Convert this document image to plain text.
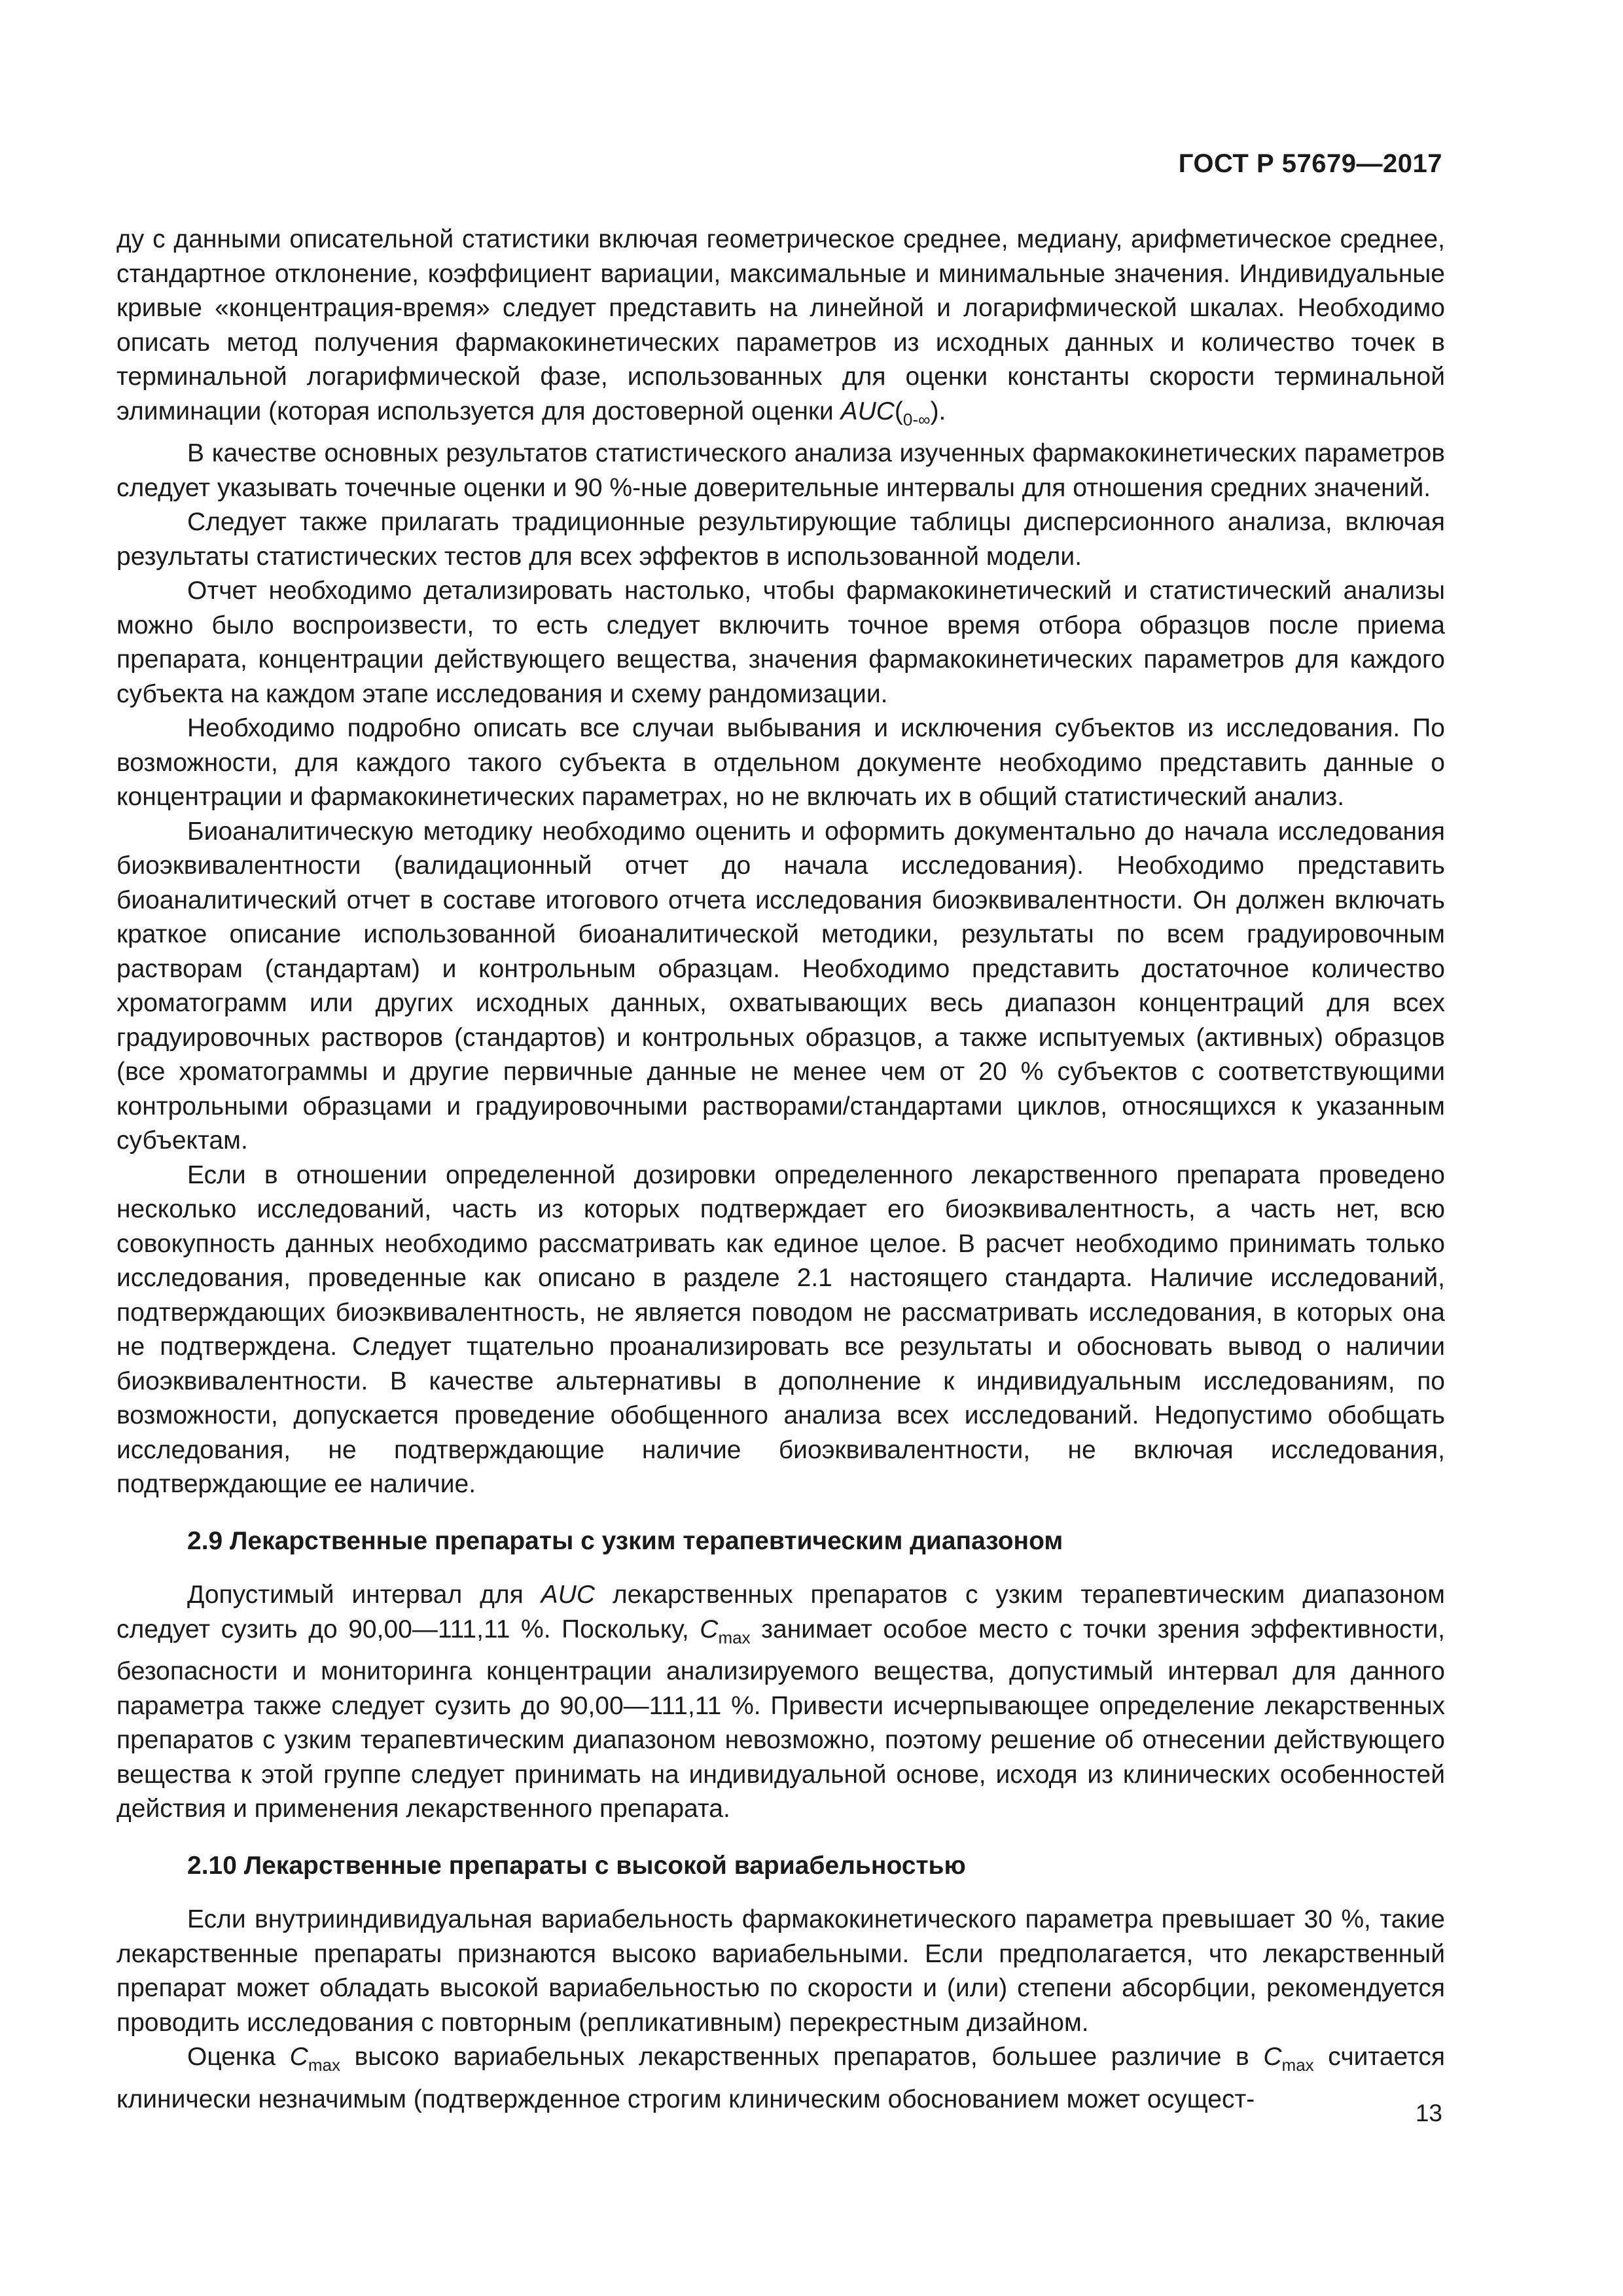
ГОСТ Р 57679—2017

ду с данными описательной статистики включая геометрическое среднее, медиану, арифметическое среднее, стандартное отклонение, коэффициент вариации, максимальные и минимальные значения. Индивидуальные кривые «концентрация-время» следует представить на линейной и логарифмической шкалах. Необходимо описать метод получения фармакокинетических параметров из исходных данных и количество точек в терминальной логарифмической фазе, использованных для оценки константы скорости терминальной элиминации (которая используется для достоверной оценки $AUC(_{0-\infty})$.

В качестве основных результатов статистического анализа изученных фармакокинетических параметров следует указывать точечные оценки и 90 %-ные доверительные интервалы для отношения средних значений.

Следует также прилагать традиционные результирующие таблицы дисперсионного анализа, включая результаты статистических тестов для всех эффектов в использованной модели.

Отчет необходимо детализировать настолько, чтобы фармакокинетический и статистический анализы можно было воспроизвести, то есть следует включить точное время отбора образцов после приема препарата, концентрации действующего вещества, значения фармакокинетических параметров для каждого субъекта на каждом этапе исследования и схему рандомизации.

Необходимо подробно описать все случаи выбывания и исключения субъектов из исследования. По возможности, для каждого такого субъекта в отдельном документе необходимо представить данные о концентрации и фармакокинетических параметрах, но не включать их в общий статистический анализ.

Биоаналитическую методику необходимо оценить и оформить документально до начала исследования биоэквивалентности (валидационный отчет до начала исследования). Необходимо представить биоаналитический отчет в составе итогового отчета исследования биоэквивалентности. Он должен включать краткое описание использованной биоаналитической методики, результаты по всем градуировочным растворам (стандартам) и контрольным образцам. Необходимо представить достаточное количество хроматограмм или других исходных данных, охватывающих весь диапазон концентраций для всех градуировочных растворов (стандартов) и контрольных образцов, а также испытуемых (активных) образцов (все хроматограммы и другие первичные данные не менее чем от 20 % субъектов с соответствующими контрольными образцами и градуировочными растворами/стандартами циклов, относящихся к указанным субъектам.

Если в отношении определенной дозировки определенного лекарственного препарата проведено несколько исследований, часть из которых подтверждает его биоэквивалентность, а часть нет, всю совокупность данных необходимо рассматривать как единое целое. В расчет необходимо принимать только исследования, проведенные как описано в разделе 2.1 настоящего стандарта. Наличие исследований, подтверждающих биоэквивалентность, не является поводом не рассматривать исследования, в которых она не подтверждена. Следует тщательно проанализировать все результаты и обосновать вывод о наличии биоэквивалентности. В качестве альтернативы в дополнение к индивидуальным исследованиям, по возможности, допускается проведение обобщенного анализа всех исследований. Недопустимо обобщать исследования, не подтверждающие наличие биоэквивалентности, не включая исследования, подтверждающие ее наличие.

2.9 Лекарственные препараты с узким терапевтическим диапазоном

Допустимый интервал для AUC лекарственных препаратов с узким терапевтическим диапазоном следует сузить до 90,00—111,11 %. Поскольку, $C_{max}$ занимает особое место с точки зрения эффективности, безопасности и мониторинга концентрации анализируемого вещества, допустимый интервал для данного параметра также следует сузить до 90,00—111,11 %. Привести исчерпывающее определение лекарственных препаратов с узким терапевтическим диапазоном невозможно, поэтому решение об отнесении действующего вещества к этой группе следует принимать на индивидуальной основе, исходя из клинических особенностей действия и применения лекарственного препарата.

2.10 Лекарственные препараты с высокой вариабельностью

Если внутрииндивидуальная вариабельность фармакокинетического параметра превышает 30 %, такие лекарственные препараты признаются высоко вариабельными. Если предполагается, что лекарственный препарат может обладать высокой вариабельностью по скорости и (или) степени абсорбции, рекомендуется проводить исследования с повторным (репликативным) перекрестным дизайном.

Оценка $C_{max}$ высоко вариабельных лекарственных препаратов, большее различие в $C_{max}$ считается клинически незначимым (подтвержденное строгим клиническим обоснованием может осущест-	13
